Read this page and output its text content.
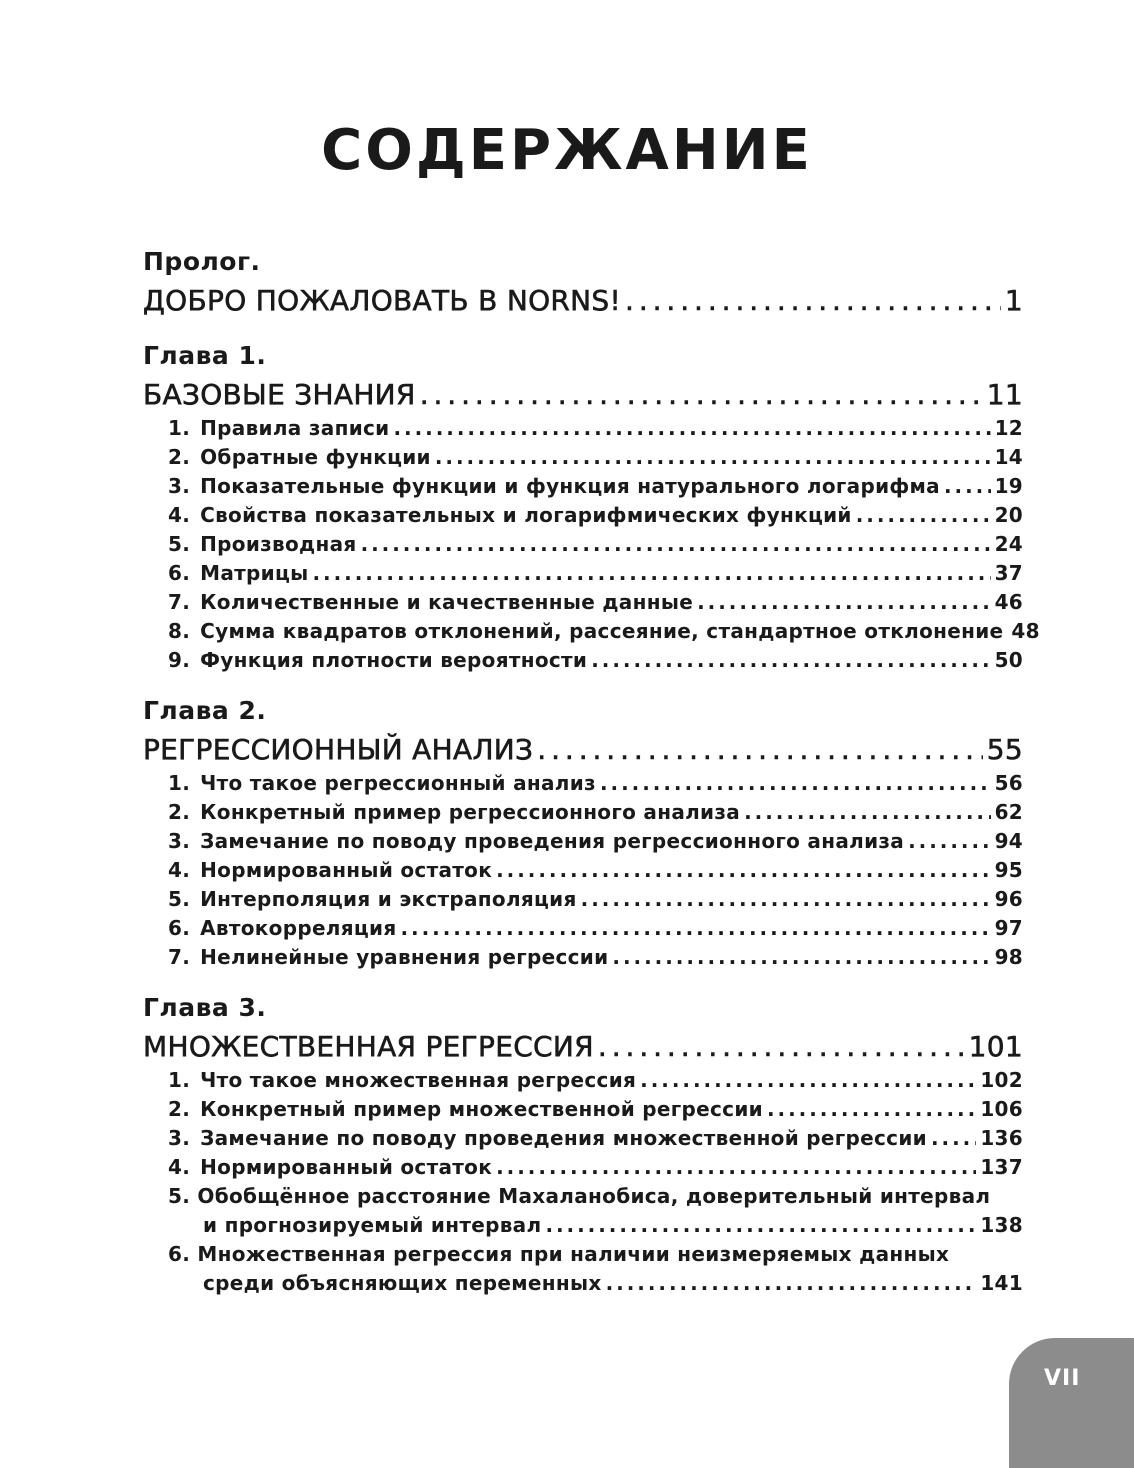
СОДЕРЖАНИЕ
Пролог.
ДОБРО ПОЖАЛОВАТЬ В NORNS! . . .	1
Глава 1.
БАЗОВЫЕ ЗНАНИЯ . . .	11
1. Правила записи . . .	12
2. Обратные функции . . .	14
3. Показательные функции и функция натурального логарифма . . .	19
4. Свойства показательных и логарифмических функций . . .	20
5. Производная . . .	24
6. Матрицы . . .	37
7. Количественные и качественные данные . . .	46
8. Сумма квадратов отклонений, рассеяние, стандартное отклонение 48
9. Функция плотности вероятности . . .	50
Глава 2.
РЕГРЕССИОННЫЙ АНАЛИЗ . . .	55
1. Что такое регрессионный анализ . . .	56
2. Конкретный пример регрессионного анализа . . .	62
3. Замечание по поводу проведения регрессионного анализа . . .	94
4. Нормированный остаток . . .	95
5. Интерполяция и экстраполяция . . .	96
6. Автокорреляция . . .	97
7. Нелинейные уравнения регрессии . . .	98
Глава 3.
МНОЖЕСТВЕННАЯ РЕГРЕССИЯ . . .	101
1. Что такое множественная регрессия . . .	102
2. Конкретный пример множественной регрессии . . .	106
3. Замечание по поводу проведения множественной регрессии . . .	136
4. Нормированный остаток . . .	137
5. Обобщённое расстояние Махаланобиса, доверительный интервал
и прогнозируемый интервал . . .	138
6. Множественная регрессия при наличии неизмеряемых данных
среди объясняющих переменных . . .	141
VII
